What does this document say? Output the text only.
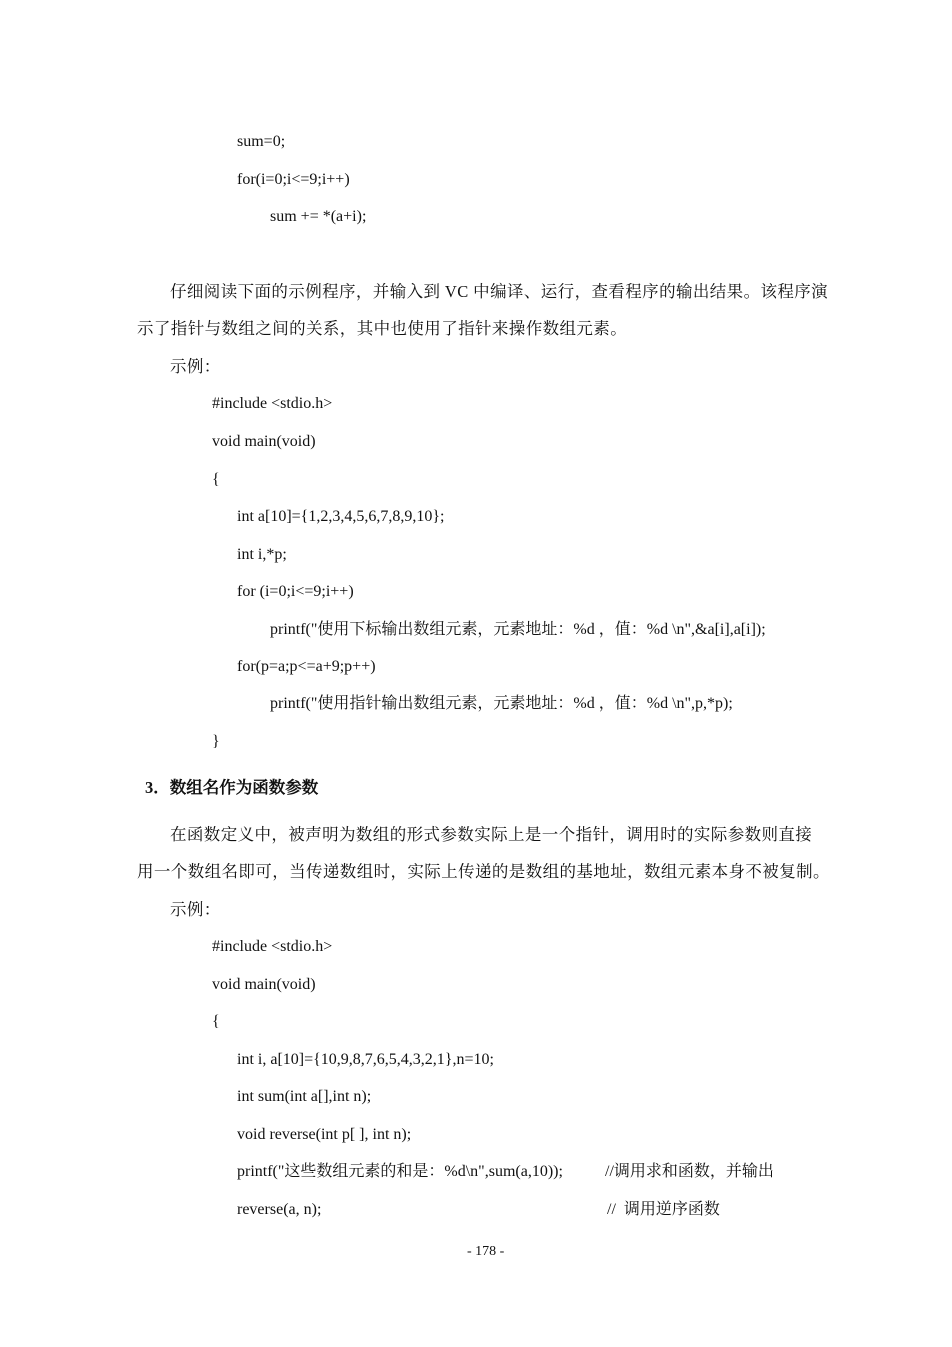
sum=0;
for(i=0;i<=9;i++)
sum += *(a+i);
仔细阅读下面的示例程序，并输入到 VC 中编译、运行，查看程序的输出结果。该程序演
示了指针与数组之间的关系，其中也使用了指针来操作数组元素。
示例：
#include <stdio.h>
void main(void)
{
int a[10]={1,2,3,4,5,6,7,8,9,10};
int i,*p;
for (i=0;i<=9;i++)
printf("使用下标输出数组元素，元素地址：%d ，值：%d \n",&a[i],a[i]);
for(p=a;p<=a+9;p++)
printf("使用指针输出数组元素，元素地址：%d ，值：%d \n",p,*p);
}
3．数组名作为函数参数
在函数定义中，被声明为数组的形式参数实际上是一个指针，调用时的实际参数则直接
用一个数组名即可，当传递数组时，实际上传递的是数组的基地址，数组元素本身不被复制。
示例：
#include <stdio.h>
void main(void)
{
int i, a[10]={10,9,8,7,6,5,4,3,2,1},n=10;
int sum(int a[],int n);
void reverse(int p[ ], int n);
printf("这些数组元素的和是：%d\n",sum(a,10));	//调用求和函数，并输出
reverse(a, n);	//  调用逆序函数
- 178 -
